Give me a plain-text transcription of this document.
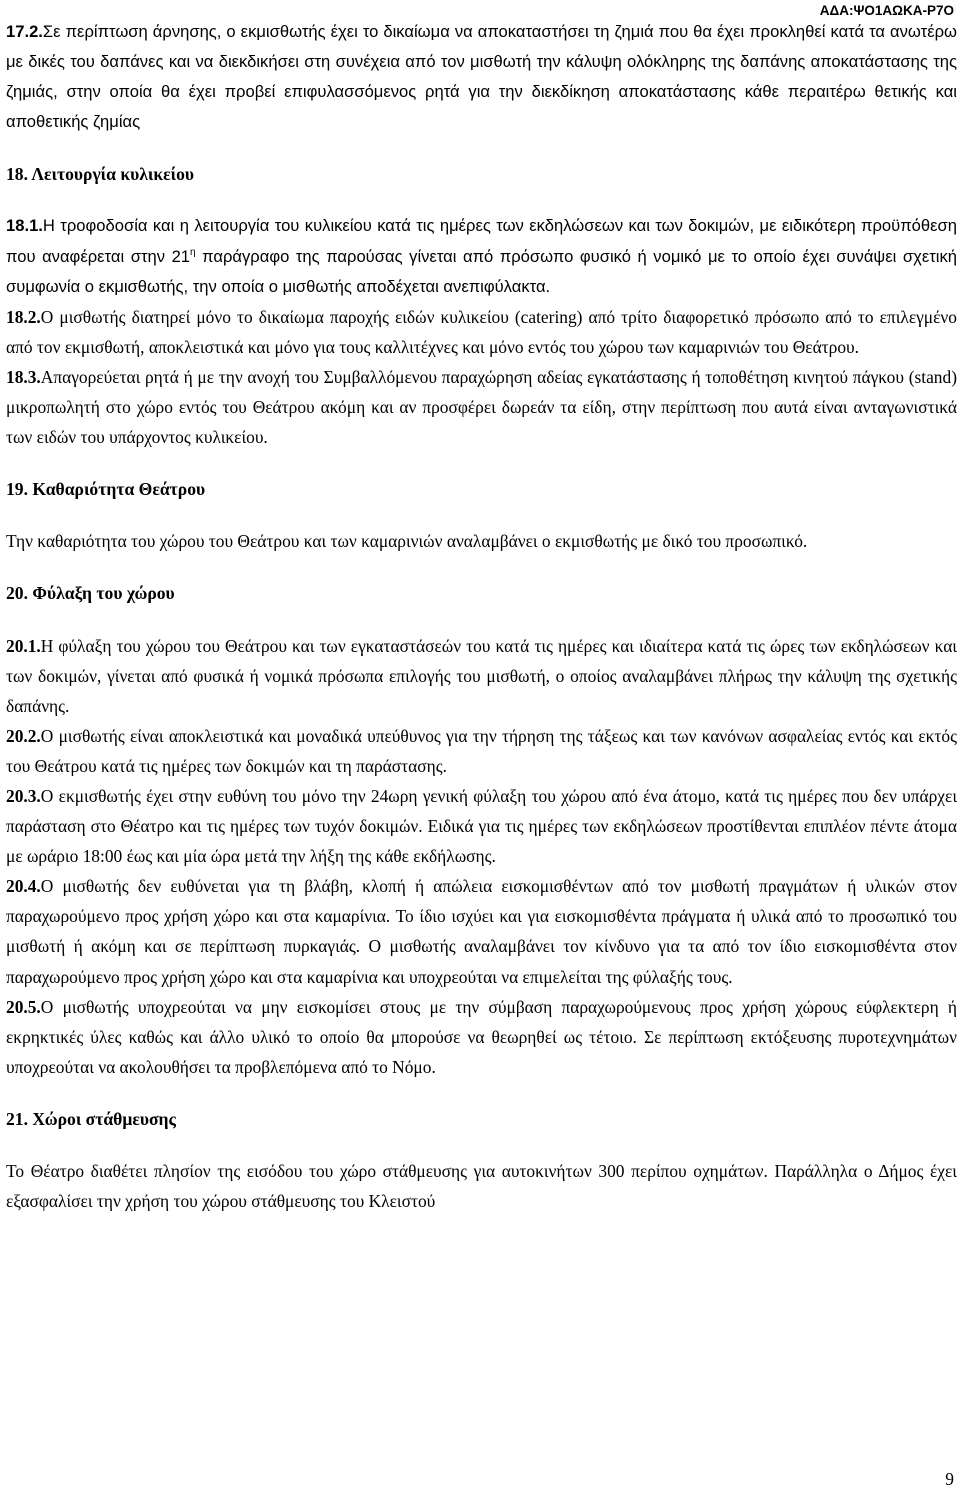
ΑΔΑ:ΨΟ1ΑΩΚΑ-Ρ7Ο

17.2.Σε περίπτωση άρνησης, ο εκμισθωτής έχει το δικαίωμα να αποκαταστήσει τη ζημιά που θα έχει προκληθεί κατά τα ανωτέρω με δικές του δαπάνες και να διεκδικήσει στη συνέχεια από τον μισθωτή την κάλυψη ολόκληρης της δαπάνης αποκατάστασης της ζημιάς, στην οποία θα έχει προβεί επιφυλασσόμενος ρητά για την διεκδίκηση αποκατάστασης κάθε περαιτέρω θετικής και αποθετικής ζημίας

18. Λειτουργία κυλικείου

18.1.Η τροφοδοσία και η λειτουργία του κυλικείου κατά τις ημέρες των εκδηλώσεων και των δοκιμών, με ειδικότερη προϋπόθεση που αναφέρεται στην $21^\eta$ παράγραφο της παρούσας γίνεται από πρόσωπο φυσικό ή νομικό με το οποίο έχει συνάψει σχετική συμφωνία ο εκμισθωτής, την οποία ο μισθωτής αποδέχεται ανεπιφύλακτα.

18.2.Ο μισθωτής διατηρεί μόνο το δικαίωμα παροχής ειδών κυλικείου (catering) από τρίτο διαφορετικό πρόσωπο από το επιλεγμένο από τον εκμισθωτή, αποκλειστικά και μόνο για τους καλλιτέχνες και μόνο εντός του χώρου των καμαρινιών του Θεάτρου.

18.3.Απαγορεύεται ρητά ή με την ανοχή του Συμβαλλόμενου παραχώρηση αδείας εγκατάστασης ή τοποθέτηση κινητού πάγκου (stand) μικροπωλητή στο χώρο εντός του Θεάτρου ακόμη και αν προσφέρει δωρεάν τα είδη, στην περίπτωση που αυτά είναι ανταγωνιστικά των ειδών του υπάρχοντος κυλικείου.

19. Καθαριότητα Θεάτρου

Την καθαριότητα του χώρου του Θεάτρου και των καμαρινιών αναλαμβάνει ο εκμισθωτής με δικό του προσωπικό.

20. Φύλαξη του χώρου

20.1.Η φύλαξη του χώρου του Θεάτρου και των εγκαταστάσεών του κατά τις ημέρες και ιδιαίτερα κατά τις ώρες των εκδηλώσεων και των δοκιμών, γίνεται από φυσικά ή νομικά πρόσωπα επιλογής του μισθωτή, ο οποίος αναλαμβάνει πλήρως την κάλυψη της σχετικής δαπάνης.

20.2.Ο μισθωτής είναι αποκλειστικά και μοναδικά υπεύθυνος για την τήρηση της τάξεως και των κανόνων ασφαλείας εντός και εκτός του Θεάτρου κατά τις ημέρες των δοκιμών και τη παράστασης.

20.3.Ο εκμισθωτής έχει στην ευθύνη του μόνο την 24ωρη γενική φύλαξη του χώρου από ένα άτομο, κατά τις ημέρες που δεν υπάρχει παράσταση στο Θέατρο και τις ημέρες των τυχόν δοκιμών. Ειδικά για τις ημέρες των εκδηλώσεων προστίθενται επιπλέον πέντε άτομα με ωράριο 18:00 έως και μία ώρα μετά την λήξη της κάθε εκδήλωσης.

20.4.Ο μισθωτής δεν ευθύνεται για τη βλάβη, κλοπή ή απώλεια εισκομισθέντων από τον μισθωτή πραγμάτων ή υλικών στον παραχωρούμενο προς χρήση χώρο και στα καμαρίνια. Το ίδιο ισχύει και για εισκομισθέντα πράγματα ή υλικά από το προσωπικό του μισθωτή ή ακόμη και σε περίπτωση πυρκαγιάς. Ο μισθωτής αναλαμβάνει τον κίνδυνο για τα από τον ίδιο εισκομισθέντα στον παραχωρούμενο προς χρήση χώρο και στα καμαρίνια και υποχρεούται να επιμελείται της φύλαξής τους.

20.5.Ο μισθωτής υποχρεούται να μην εισκομίσει στους με την σύμβαση παραχωρούμενους προς χρήση χώρους εύφλεκτερη ή εκρηκτικές ύλες καθώς και άλλο υλικό το οποίο θα μπορούσε να θεωρηθεί ως τέτοιο. Σε περίπτωση εκτόξευσης πυροτεχνημάτων υποχρεούται να ακολουθήσει τα προβλεπόμενα από το Νόμο.

21. Χώροι στάθμευσης

Το Θέατρο διαθέτει πλησίον της εισόδου του χώρο στάθμευσης για αυτοκινήτων 300 περίπου οχημάτων. Παράλληλα ο Δήμος έχει εξασφαλίσει την χρήση του χώρου στάθμευσης του Κλειστού

9
